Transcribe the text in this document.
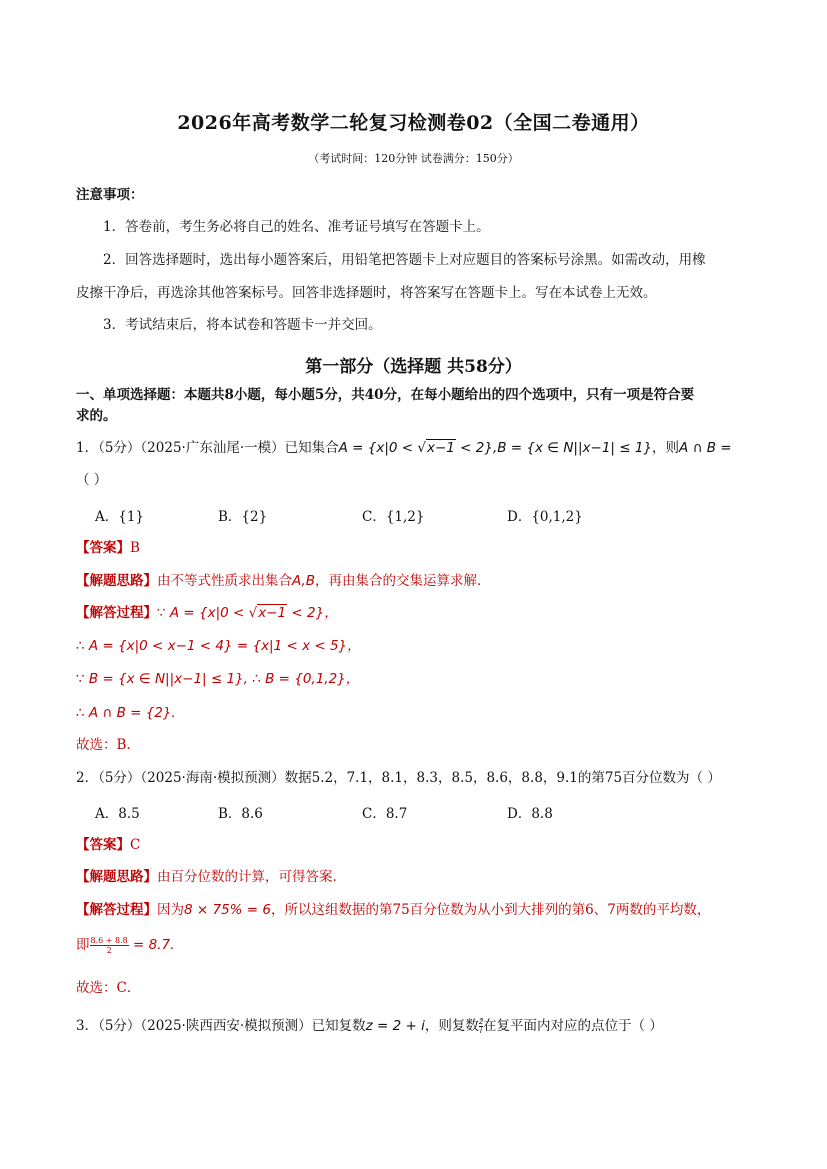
2026年高考数学二轮复习检测卷02（全国二卷通用）
（考试时间：120分钟 试卷满分：150分）
注意事项：
1．答卷前，考生务必将自己的姓名、准考证号填写在答题卡上。
2．回答选择题时，选出每小题答案后，用铅笔把答题卡上对应题目的答案标号涂黑。如需改动，用橡
皮擦干净后，再选涂其他答案标号。回答非选择题时，将答案写在答题卡上。写在本试卷上无效。
3．考试结束后，将本试卷和答题卡一并交回。
第一部分（选择题 共58分）
一、单项选择题：本题共8小题，每小题5分，共40分，在每小题给出的四个选项中，只有一项是符合要
求的。
1．（5分）（2025·广东汕尾·一模）已知集合A = {x|0 < √x−1 < 2},B = {x ∈ N||x−1| ≤ 1}，则A ∩ B =
（ ）
A．{1}	B．{2}	C．{1,2}	D．{0,1,2}
【答案】B
【解题思路】由不等式性质求出集合A,B，再由集合的交集运算求解．
【解答过程】∵ A = {x|0 < √x−1 < 2}，
∴ A = {x|0 < x−1 < 4} = {x|1 < x < 5}，
∵ B = {x ∈ N||x−1| ≤ 1}, ∴ B = {0,1,2}，
∴ A ∩ B = {2}.
故选：B.
2．（5分）（2025·海南·模拟预测）数据5.2，7.1，8.1，8.3，8.5，8.6，8.8，9.1的第75百分位数为（ ）
A．8.5	B．8.6	C．8.7	D．8.8
【答案】C
【解题思路】由百分位数的计算，可得答案.
【解答过程】因为8 × 75% = 6，所以这组数据的第75百分位数为从小到大排列的第6、7两数的平均数，
即 $\frac{8.6 + 8.8}{2} = 8.7$.
故选：C．
3．（5分）（2025·陕西西安·模拟预测）已知复数z = 2 + i，则复数 $\frac{z̄}{i}$ 在复平面内对应的点位于（ ）
